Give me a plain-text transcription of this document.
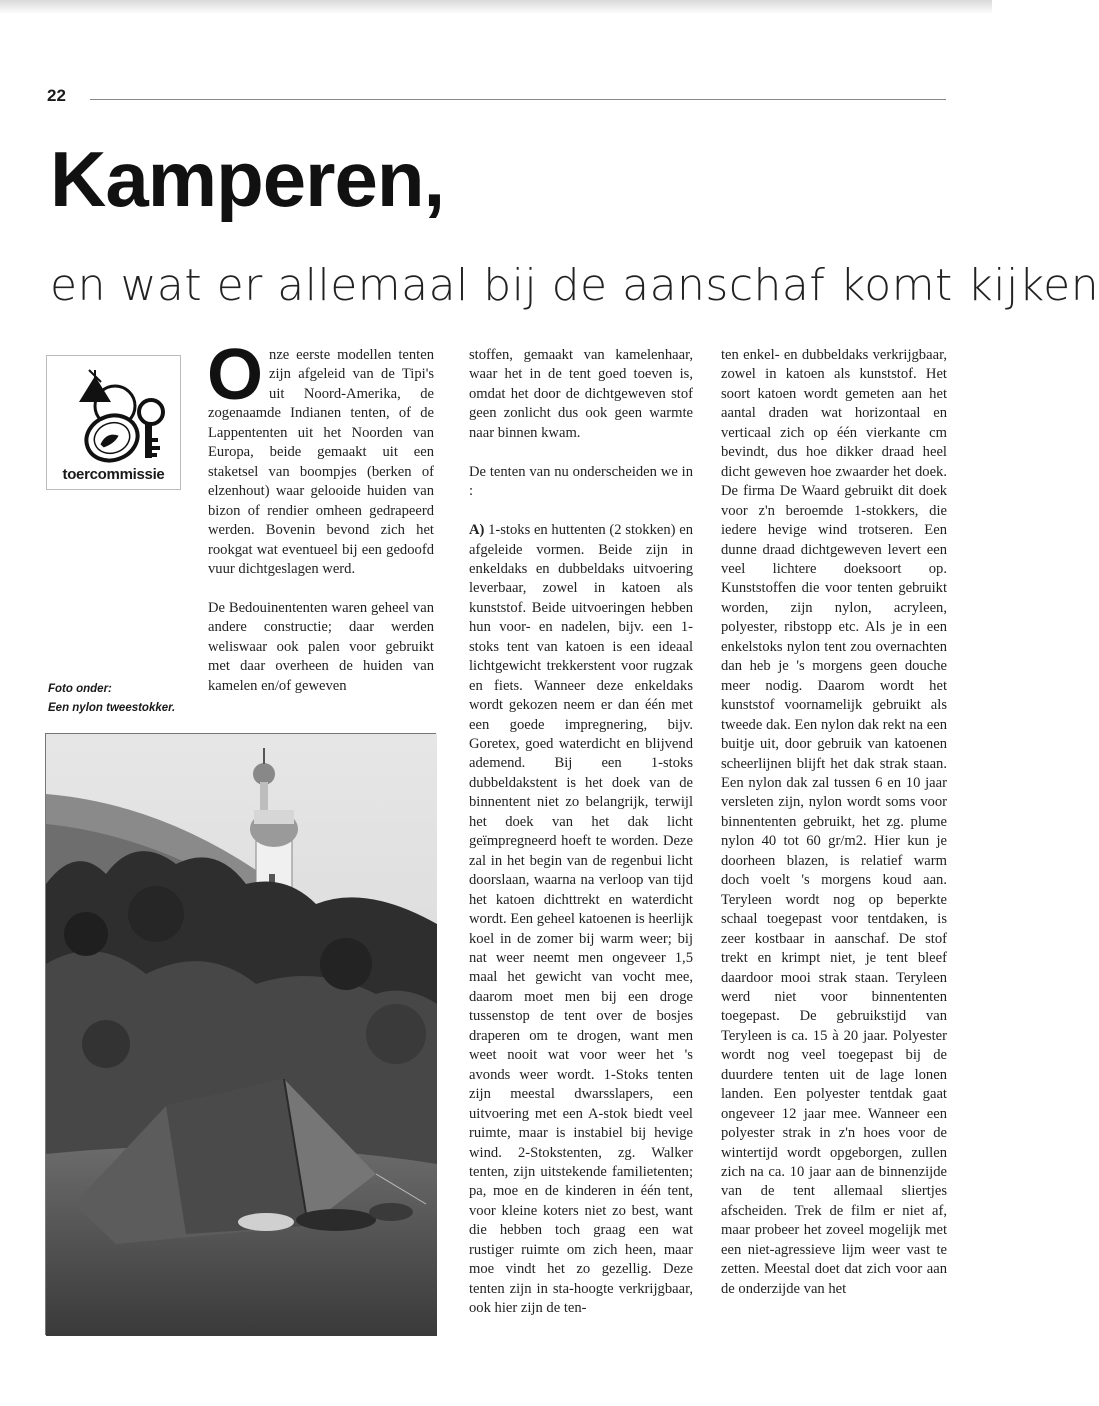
22
Kamperen,
en wat er allemaal bij de aanschaf komt kijken
toercommissie
Foto onder:
Een nylon tweestokker.

Onze eerste modellen tenten zijn afgeleid van de Tipi's uit Noord-Amerika, de zogenaamde Indianen tenten, of de Lappententen uit het Noorden van Europa, beide gemaakt uit een staketsel van boompjes (berken of elzenhout) waar gelooide huiden van bizon of rendier omheen gedrapeerd werden. Bovenin bevond zich het rookgat wat eventueel bij een gedoofd vuur dichtgeslagen werd.

De Bedouinententen waren geheel van andere constructie; daar werden weliswaar ook palen voor gebruikt met daar overheen de huiden van kamelen en/of geweven

stoffen, gemaakt van kamelenhaar, waar het in de tent goed toeven is, omdat het door de dichtgeweven stof geen zonlicht dus ook geen warmte naar binnen kwam.

De tenten van nu onderscheiden we in :

A) 1-stoks en huttenten (2 stokken) en afgeleide vormen. Beide zijn in enkeldaks en dubbeldaks uitvoering leverbaar, zowel in katoen als kunststof. Beide uitvoeringen hebben hun voor- en nadelen, bijv. een 1-stoks tent van katoen is een ideaal lichtgewicht trekkerstent voor rugzak en fiets. Wanneer deze enkeldaks wordt gekozen neem er dan één met een goede impregnering, bijv. Goretex, goed waterdicht en blijvend ademend. Bij een 1-stoks dubbeldakstent is het doek van de binnentent niet zo belangrijk, terwijl het doek van het dak licht geïmpregneerd hoeft te worden. Deze zal in het begin van de regenbui licht doorslaan, waarna na verloop van tijd het katoen dichttrekt en waterdicht wordt. Een geheel katoenen is heerlijk koel in de zomer bij warm weer; bij nat weer neemt men ongeveer 1,5 maal het gewicht van vocht mee, daarom moet men bij een droge tussenstop de tent over de bosjes draperen om te drogen, want men weet nooit wat voor weer het 's avonds weer wordt. 1-Stoks tenten zijn meestal dwarsslapers, een uitvoering met een A-stok biedt veel ruimte, maar is instabiel bij hevige wind. 2-Stokstenten, zg. Walker tenten, zijn uitstekende familietenten; pa, moe en de kinderen in één tent, voor kleine koters niet zo best, want die hebben toch graag een wat rustiger ruimte om zich heen, maar moe vindt het zo gezellig. Deze tenten zijn in sta-hoogte verkrijgbaar, ook hier zijn de ten-

ten enkel- en dubbeldaks verkrijgbaar, zowel in katoen als kunststof. Het soort katoen wordt gemeten aan het aantal draden wat horizontaal en verticaal zich op één vierkante cm bevindt, dus hoe dikker draad heel dicht geweven hoe zwaarder het doek. De firma De Waard gebruikt dit doek voor z'n beroemde 1-stokkers, die iedere hevige wind trotseren. Een dunne draad dichtgeweven levert een veel lichtere doeksoort op. Kunststoffen die voor tenten gebruikt worden, zijn nylon, acryleen, polyester, ribstopp etc. Als je in een enkelstoks nylon tent zou overnachten dan heb je 's morgens geen douche meer nodig. Daarom wordt het kunststof voornamelijk gebruikt als tweede dak. Een nylon dak rekt na een buitje uit, door gebruik van katoenen scheerlijnen blijft het dak strak staan. Een nylon dak zal tussen 6 en 10 jaar versleten zijn, nylon wordt soms voor binnententen gebruikt, het zg. plume nylon 40 tot 60 gr/m2. Hier kun je doorheen blazen, is relatief warm doch voelt 's morgens koud aan. Teryleen wordt nog op beperkte schaal toegepast voor tentdaken, is zeer kostbaar in aanschaf. De stof trekt en krimpt niet, je tent bleef daardoor mooi strak staan. Teryleen werd niet voor binnententen toegepast. De gebruikstijd van Teryleen is ca. 15 à 20 jaar. Polyester wordt nog veel toegepast bij de duurdere tenten uit de lage lonen landen. Een polyester tentdak gaat ongeveer 12 jaar mee. Wanneer een polyester strak in z'n hoes voor de wintertijd wordt opgeborgen, zullen zich na ca. 10 jaar aan de binnenzijde van de tent allemaal sliertjes afscheiden. Trek de film er niet af, maar probeer het zoveel mogelijk met een niet-agressieve lijm weer vast te zetten. Meestal doet dat zich voor aan de onderzijde van het
